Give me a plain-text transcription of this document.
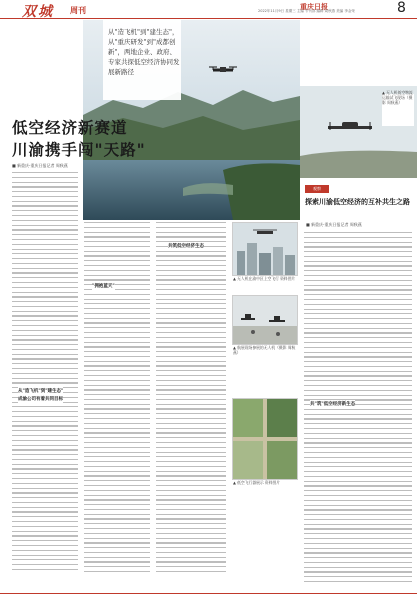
双城 周刊	重庆日报
2022年11月9日 星期三 主编 专刊部 编辑 周秋燕 美编 李金荣	8
从"造飞机"到"建生态"，从"重庆研发"到"成都创新"，两地企业、政府、专家共探低空经济协同发展新路径
低空经济新赛道
川渝携手闯"天路"
■ 新重庆-重庆日报记者 周秋燕
从"造飞机"到"建生态"
成渝公司有着共同目标
"拥抱蓝天"
共筑低空经济生态
▲ 无人机在渝中区上空飞行 资料图片
▲ 航展现场参展的无人机（摄影 周秋燕）
▲ 低空飞行器展示 资料图片
▲ 无人机低空物流运输试飞现场（摄影 周秋燕）
观察
探索川渝低空经济的互补共生之路
■ 新重庆-重庆日报记者 周秋燕
共"筑"低空经济新生态
